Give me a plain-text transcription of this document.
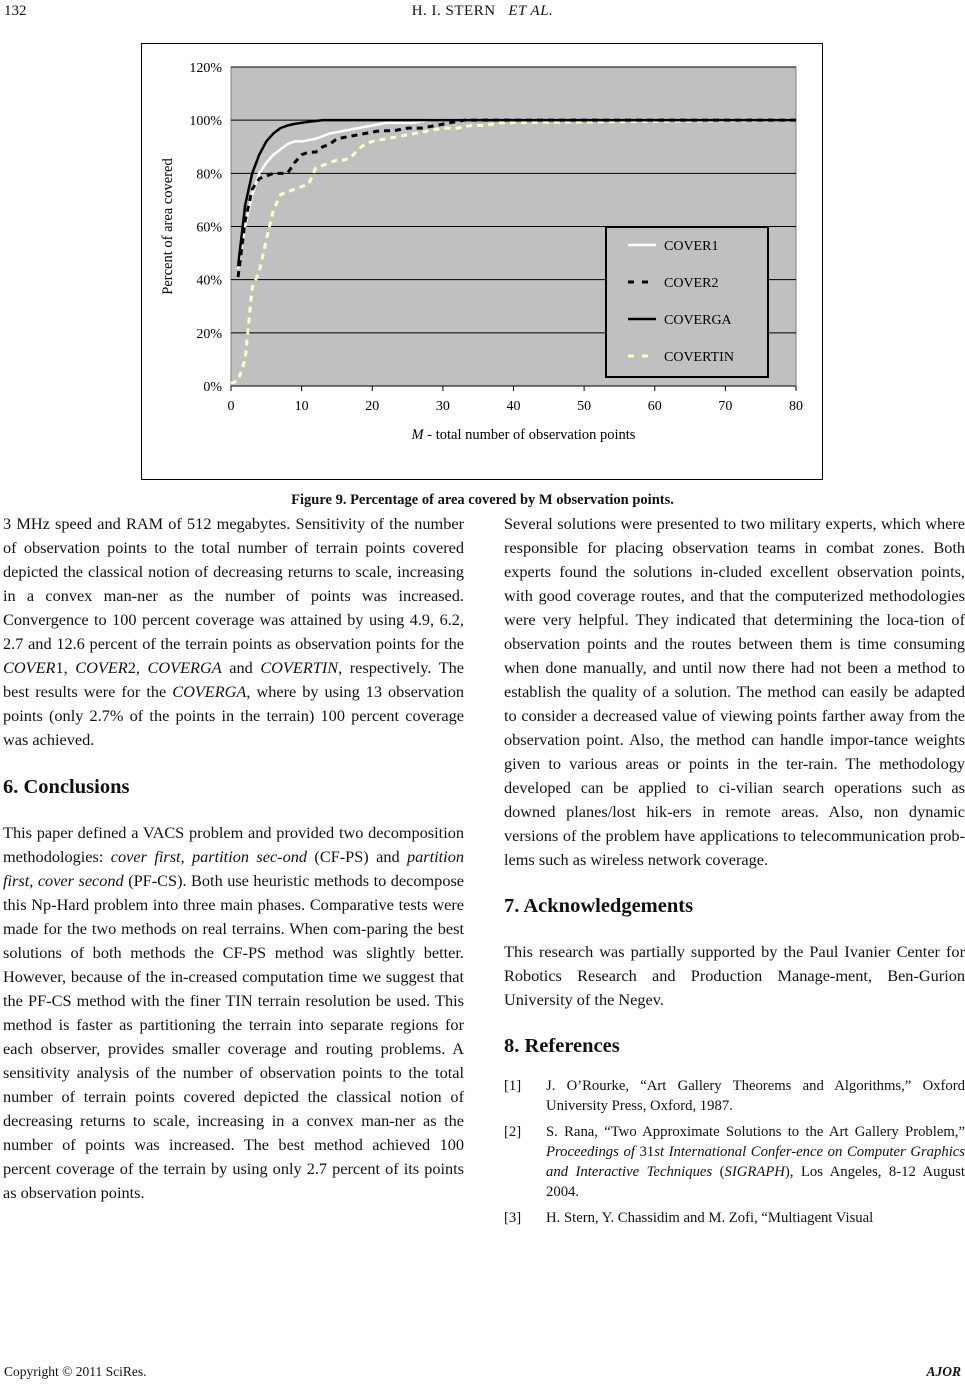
132	H. I. STERN ET AL.
0%
20%
40%
60%
80%
100%
120%
0	10	20	30	40	50	60	70	80
Percent of area covered
M - total number of observation points
COVER1
COVER2
COVERGA
COVERTIN
Figure 9. Percentage of area covered by M observation points.

3 MHz speed and RAM of 512 megabytes. Sensitivity of the number of observation points to the total number of terrain points covered depicted the classical notion of decreasing returns to scale, increasing in a convex man-ner as the number of points was increased. Convergence to 100 percent coverage was attained by using 4.9, 6.2, 2.7 and 12.6 percent of the terrain points as observation points for the COVER1, COVER2, COVERGA and COVERTIN, respectively. The best results were for the COVERGA, where by using 13 observation points (only 2.7% of the points in the terrain) 100 percent coverage was achieved.

6. Conclusions

This paper defined a VACS problem and provided two decomposition methodologies: cover first, partition sec-ond (CF-PS) and partition first, cover second (PF-CS). Both use heuristic methods to decompose this Np-Hard problem into three main phases. Comparative tests were made for the two methods on real terrains. When com-paring the best solutions of both methods the CF-PS method was slightly better. However, because of the in-creased computation time we suggest that the PF-CS method with the finer TIN terrain resolution be used. This method is faster as partitioning the terrain into separate regions for each observer, provides smaller coverage and routing problems. A sensitivity analysis of the number of observation points to the total number of terrain points covered depicted the classical notion of decreasing returns to scale, increasing in a convex man-ner as the number of points was increased. The best method achieved 100 percent coverage of the terrain by using only 2.7 percent of its points as observation points.

Several solutions were presented to two military experts, which where responsible for placing observation teams in combat zones. Both experts found the solutions in-cluded excellent observation points, with good coverage routes, and that the computerized methodologies were very helpful. They indicated that determining the loca-tion of observation points and the routes between them is time consuming when done manually, and until now there had not been a method to establish the quality of a solution. The method can easily be adapted to consider a decreased value of viewing points farther away from the observation point. Also, the method can handle impor-tance weights given to various areas or points in the ter-rain. The methodology developed can be applied to ci-vilian search operations such as downed planes/lost hik-ers in remote areas. Also, non dynamic versions of the problem have applications to telecommunication prob-lems such as wireless network coverage.

7. Acknowledgements

This research was partially supported by the Paul Ivanier Center for Robotics Research and Production Manage-ment, Ben-Gurion University of the Negev.

8. References
[1]	J. O’Rourke, “Art Gallery Theorems and Algorithms,” Oxford University Press, Oxford, 1987.
[2]	S. Rana, “Two Approximate Solutions to the Art Gallery Problem,” Proceedings of 31st International Confer-ence on Computer Graphics and Interactive Techniques (SIGRAPH), Los Angeles, 8-12 August 2004.
[3]	H. Stern, Y. Chassidim and M. Zofi, “Multiagent Visual
Copyright © 2011 SciRes.	AJOR
